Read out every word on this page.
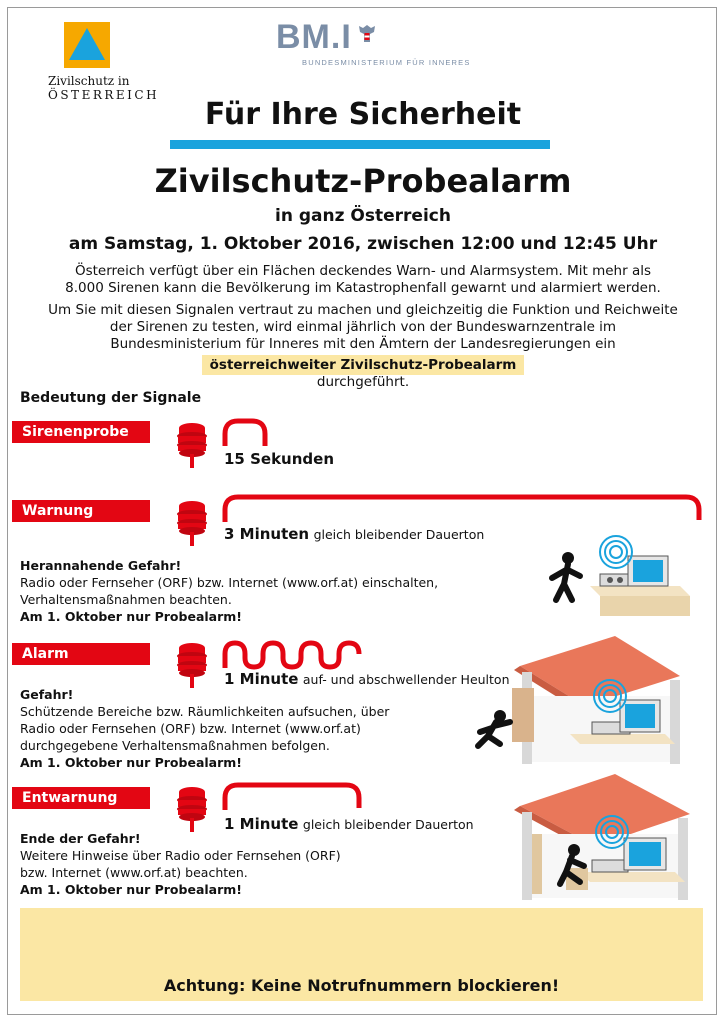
Zivilschutz in
ÖSTERREICH
BM.I
BUNDESMINISTERIUM FÜR INNERES
Für Ihre Sicherheit
Zivilschutz-Probealarm
in ganz Österreich
am Samstag, 1. Oktober 2016, zwischen 12:00 und 12:45 Uhr
Österreich verfügt über ein Flächen deckendes Warn- und Alarmsystem. Mit mehr als
8.000 Sirenen kann die Bevölkerung im Katastrophenfall gewarnt und alarmiert werden.
Um Sie mit diesen Signalen vertraut zu machen und gleichzeitig die Funktion und Reichweite
der Sirenen zu testen, wird einmal jährlich von der Bundeswarnzentrale im
Bundesministerium für Inneres mit den Ämtern der Landesregierungen ein
österreichweiter Zivilschutz-Probealarm
durchgeführt.
Bedeutung der Signale
Sirenenprobe
15 Sekunden
Warnung
3 Minuten gleich bleibender Dauerton
Herannahende Gefahr!
Radio oder Fernseher (ORF) bzw. Internet (www.orf.at) einschalten,
Verhaltensmaßnahmen beachten.
Am 1. Oktober nur Probealarm!
Alarm
1 Minute auf- und abschwellender Heulton
Gefahr!
Schützende Bereiche bzw. Räumlichkeiten aufsuchen, über
Radio oder Fernsehen (ORF) bzw. Internet (www.orf.at)
durchgegebene Verhaltensmaßnahmen befolgen.
Am 1. Oktober nur Probealarm!
Entwarnung
1 Minute gleich bleibender Dauerton
Ende der Gefahr!
Weitere Hinweise über Radio oder Fernsehen (ORF)
bzw. Internet (www.orf.at) beachten.
Am 1. Oktober nur Probealarm!
Achtung: Keine Notrufnummern blockieren!
